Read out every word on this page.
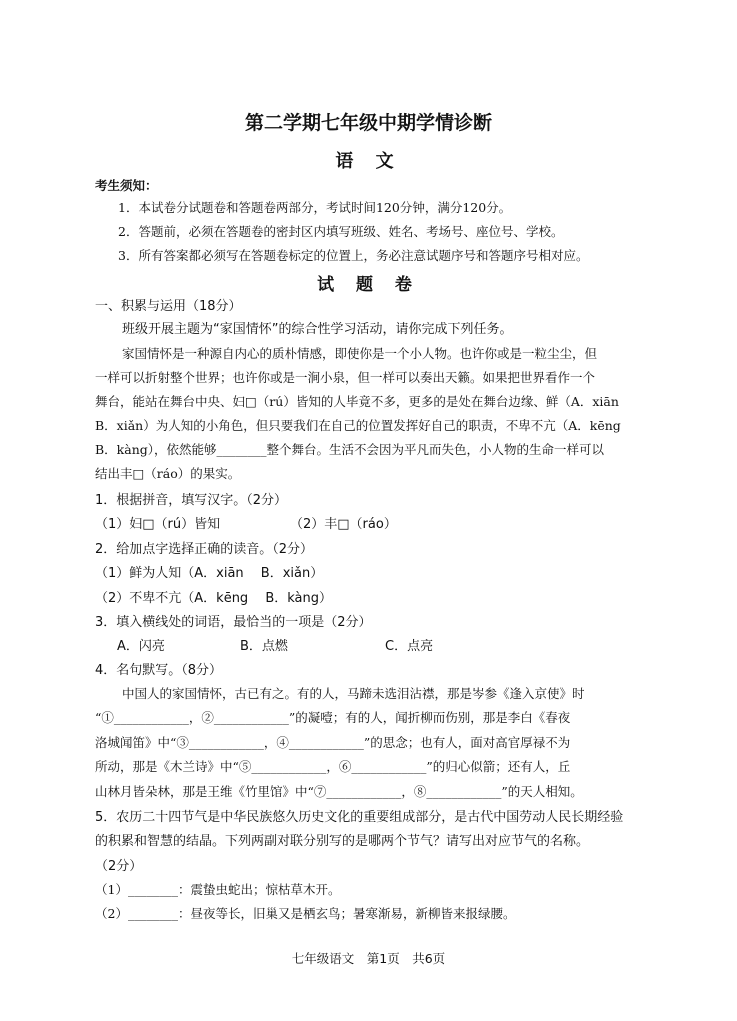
第二学期七年级中期学情诊断
语 文
考生须知：
1．本试卷分试题卷和答题卷两部分，考试时间120分钟，满分120分。
2．答题前，必须在答题卷的密封区内填写班级、姓名、考场号、座位号、学校。
3．所有答案都必须写在答题卷标定的位置上，务必注意试题序号和答题序号相对应。
试 题 卷
一、积累与运用（18分）
班级开展主题为“家国情怀”的综合性学习活动，请你完成下列任务。
家国情怀是一种源自内心的质朴情感，即使你是一个小人物。也许你或是一粒尘尘，但
一样可以折射整个世界；也许你或是一涧小泉，但一样可以奏出天籁。如果把世界看作一个
舞台，能站在舞台中央、妇□（rú）皆知的人毕竟不多，更多的是处在舞台边缘、鲜（A．xiān
B．xiǎn）为人知的小角色，但只要我们在自己的位置发挥好自己的职责，不卑不亢（A．kēng
B．kàng），依然能够________整个舞台。生活不会因为平凡而失色，小人物的生命一样可以
结出丰□（ráo）的果实。
1．根据拼音，填写汉字。（2分）
（1）妇□（rú）皆知	（2）丰□（ráo）
2．给加点字选择正确的读音。（2分）
（1）鲜为人知（A．xiān　 B．xiǎn）
（2）不卑不亢（A．kēng　 B．kàng）
3．填入横线处的词语，最恰当的一项是（2分）
A．闪亮	B．点燃	C．点亮
4．名句默写。（8分）
中国人的家国情怀，古已有之。有的人，马蹄未选泪沾襟，那是岑参《逢入京使》时
“①____________，②____________”的凝噎；有的人，闻折柳而伤别，那是李白《春夜
洛城闻笛》中“③____________，④____________”的思念；也有人，面对高官厚禄不为
所动，那是《木兰诗》中“⑤____________，⑥____________”的归心似箭；还有人，丘
山林月皆朵林，那是王维《竹里馆》中“⑦____________，⑧____________”的天人相知。
5．农历二十四节气是中华民族悠久历史文化的重要组成部分，是古代中国劳动人民长期经验
的积累和智慧的结晶。下列两副对联分别写的是哪两个节气？请写出对应节气的名称。
（2分）
（1）________：震蛰虫蛇出；惊枯草木开。
（2）________：昼夜等长，旧巢又是栖玄鸟；暑寒渐易，新柳皆来报绿腰。
七年级语文　第1页　共6页
